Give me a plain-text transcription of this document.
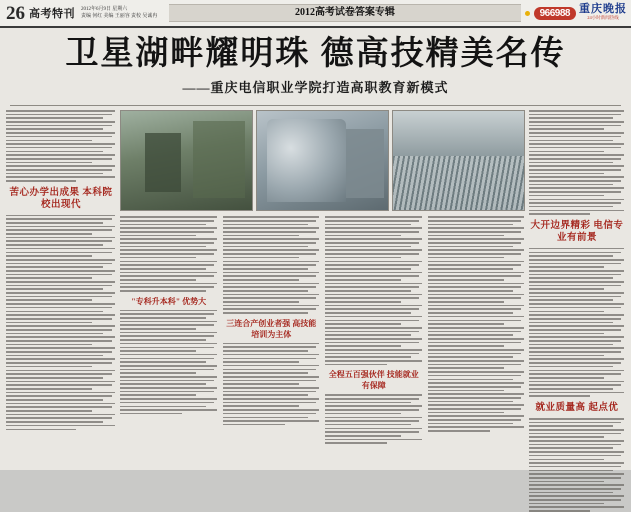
26 高考特刊	2012年6月9日 星期六
责编 何红 美编 王丽容 责校 吴诚冉	2012高考试卷答案专辑	966988 重庆晚报
24小时新闻热线
卫星湖畔耀明珠 德高技精美名传
——重庆电信职业学院打造高职教育新模式
苦心办学出成果 本科院校出现代
"专科升本科" 优势大
三连合产创业者强 高技能培训为主体
全程五百强伙伴 技能就业有保障
大开边界精彩 电信专业有前景
就业质量高 起点优
